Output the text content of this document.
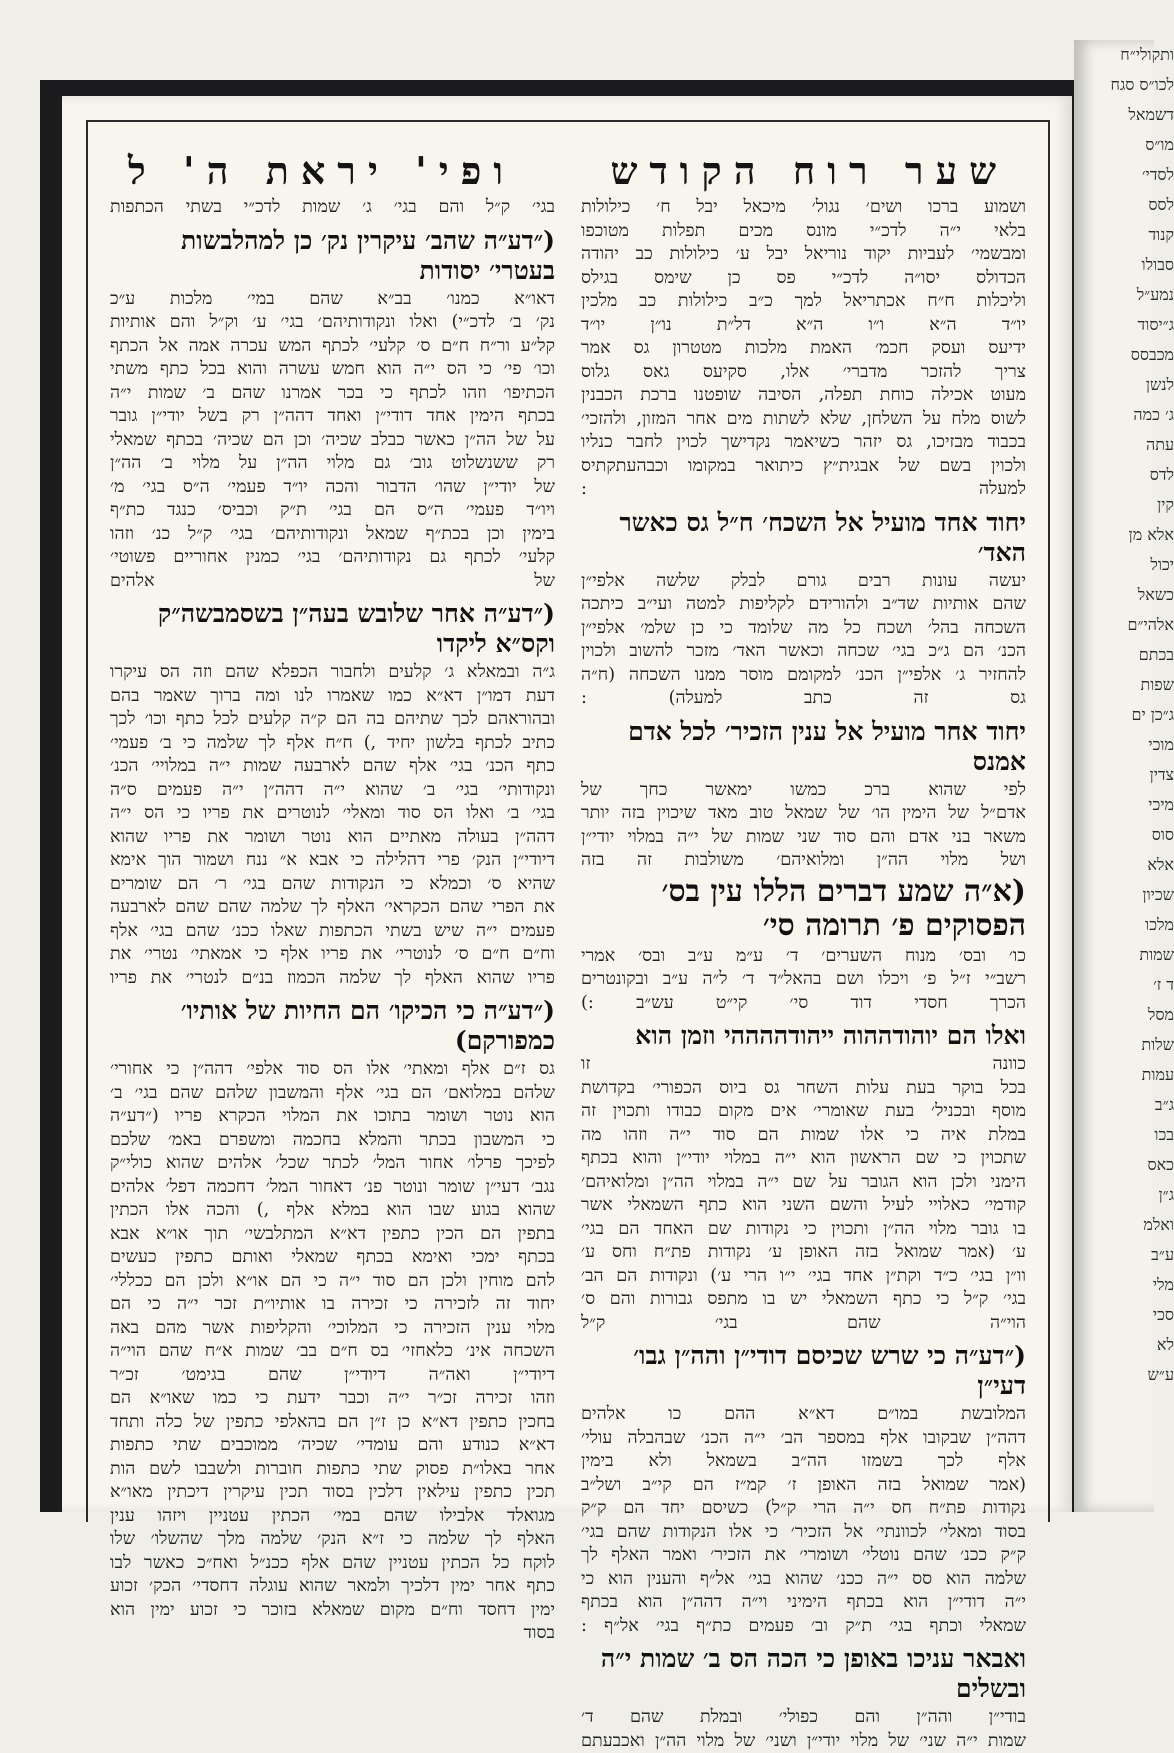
שער רוח הקודש
ופי' יראת ה' ל
ושמוע ברכו ושים׳ נגול׳ מיכאל יבל ח׳ כילולות
בלאי י״ה לדכ״י מונס מכים תפלות מטוכפו
ומבשמי׳ לעביות יקוד נוריאל יבל ע׳ כילולות כב יהודה
הכדולס יסו״ה לדכ״י פס כן שימס בגילס
וליכלות ח״ח אכתריאל למך כ״ב כילולות כב מלכין
יו״ד ה״א ו״ו ה״א דל״ת נו״ן יו״ד
ידיעס ועסק חכמ׳ האמת מלכות מטטרון גס אמר
צריך להזכר מדברי׳ אלו, סקיעס גאס גלוס
מעוט אכילה כוחת תפלה, הסיבה שופטנו ברכת הכבנין
לשוס מלח על השלחן, שלא לשתות מים אחר המזון, ולהזכי׳
בכבוד מבזיכו, גס יזהר כשיאמר נקדישך לכוין לחבר כנליו
ולכוין בשם של אבגית״ץ כיתואר במקומו וכבהעתקתיס
למעלה :
יחוד אחד מועיל אל השכח׳ ח״ל גס כאשר האד׳
יעשה עונות רבים גורם לבלק שלשה אלפי״ן
שהם אותיות שד״ב ולהורידם לקליפות למטה ועי״ב כיתכה
השכחה בהל׳ ושכח כל מה שלומד כי כן שלמ׳ אלפי״ן
הכנ׳ הם ג״כ בגי׳ שכחה וכאשר האד׳ מזכר להשוב ולכוין
להחזיר ג׳ אלפי״ן הכנ׳ למקומם מוסר ממנו השכחה (ח״ה
גס זה כתב למעלה) :
יחוד אחר מועיל אל ענין הזכיר׳ לכל אדם אמנס
לפי שהוא ברכ כמשו ימאשר כחך של
אדם״ל של הימין הו׳ של שמאל טוב מאד שיכוין בזה יותר
משאר בני אדם והם סוד שני שמות של י״ה במלוי יודי״ן
ושל מלוי הה״ן ומלואיהם׳ משולבות זה בזה
(א״ה שמע דברים הללו עין בס׳ הפסוקים פ׳ תרומה סי׳
כו׳ ובס׳ מנוח השערים׳ ד׳ ע״מ ע״ב ובס׳ אמרי
רשב״י ז״ל פ׳ ויכלו ושם בהאל״ד ד׳ ל״ה ע״ב ובקונטרים
הכרך חסדי דוד סי׳ קי״ט עש״ב :)
ואלו הם יוהודההוה ייהודההההי וזמן הוא
כוונה זו
בכל בוקר בעת עלות השחר גס ביוס הכפורי׳ בקדושת
מוסף ובכניל׳ בעת שאומרי׳ אים מקום כבודו ותכוין זה
במלת איה כי אלו שמות הם סוד י״ה וזהו מה
שתכוין כי שם הראשון הוא י״ה במלוי יודי״ן והוא בכתף
הימני ולכן הוא הגובר על שם י״ה במלוי הה״ן ומלואיהם׳
קודמי׳ כאלויי לעיל והשם השני הוא כתף השמאלי אשר
בו גובר מלוי הה״ן ותכוין כי נקודות שם האחד הם בגי׳
ע׳ (אמר שמואל בזה האופן ע׳ נקודות פת״ח וחס ע׳
וו״ן בגי׳ כ״ד וקת״ן אחד בגי׳ י״ו הרי ע׳) ונקודות הם הב׳
בגי׳ ק״ל כי כתף השמאלי יש בו מתפס גבורות והם ס׳
הוי״ה שהם בגי׳ ק״ל
(״דע״ה כי שרש שכיסם דודי״ן והה״ן גבו׳ דעי״ן
המלובשת במו״ם דא״א ההם כו אלהים
דהה״ן שבקובו אלף במספר הב׳ י״ה הכנ׳ שבהבלה עולי׳
אלף לכך בשמזו הה״ב בשמאל ולא בימין
(אמר שמואל בזה האופן ז׳ קמ״ז הם קי״ב ושל״ב
נקודות פת״ח חס י״ה הרי ק״ל) כשיסם יחד הם ק״ק
בסוד ומאלי׳ לכוונתי׳ אל הזכיר׳ כי אלו הנקודות שהם בגי׳
ק״ק ככנ׳ שהם נוטלי׳ ושומרי׳ את הזכיר׳ ואמר האלף לך
שלמה הוא סס י״ה ככנ׳ שהוא בגי׳ אל״ף והענין הוא כי
י״ה דודי״ן הוא בכתף הימיני וי״ה דהה״ן הוא בכתף
שמאלי וכתף בגי׳ ת״ק וב׳ פעמים כת״ף בגי׳ אל״ף :
ואבאר עניכו באופן כי הכה הס ב׳ שמות י״ה ובשלים
בודי״ן והה״ן והם כפולי׳ ובמלת שהם ד׳
שמות י״ה שני׳ של מלוי יודי״ן ושני׳ של מלוי הה״ן ואכבעתם
בגי׳ ק״ל והם בגי׳ ג׳ שמות לדכ״י בשתי הכתפות
(״דע״ה שהב׳ עיקרין נק׳ כן למהלבשות בעטרי׳ יסודות
דאו״א כמנו׳ בב״א שהם במי׳ מלכות ע״כ
נק׳ ב׳ לדכ״י) ואלו ונקודותיהם׳ בגי׳ ע׳ וק״ל והם אותיות
קל״ע ור״ח ח״ם ס׳ קלעי׳ לכתף המש עכרה אמה אל הכתף
וכו׳ פי׳ כי הס י״ה הוא חמש עשרה והוא בכל כתף משתי
הכתיפו׳ וזהו לכתף כי בכר אמרנו שהם ב׳ שמות י״ה
בכתף הימין אחד דודי״ן ואחד דהה״ן רק בשל יודי״ן גובר
על של הה״ן כאשר כבלב שכיה׳ וכן הם שכיה׳ בכתף שמאלי
רק ששנשלוט גוב׳ גם מלוי הה״ן על מלוי ב׳ הה״ן
של יודי״ן שהו׳ הדבור והכה יו״ד פעמי׳ ה״ס בגי׳ מ׳
ויו״ד פעמי׳ ה״ס הם בגי׳ ת״ק וכביס׳ כנגד כת״ף
בימין וכן בכת״ף שמאל ונקודותיהם׳ בגי׳ ק״ל כנ׳ וזהו
קלעי׳ לכתף גם נקודותיהם׳ בגי׳ כמנין אחוריים פשוטי׳
של אלהים
(״דע״ה אחר שלובש בעה״ן בשסמבשה״ק וקס״א ליקדו
ג״ה ובמאלא ג׳ קלעים ולחבור הכפלא שהם וזה הס עיקרו
דעת דמו״ן דא״א כמו שאמרו לנו ומה ברוך שאמר בהם
ובהוראהם לכך שתיהם בה הם ק״ה קלעים לכל כתף וכו׳ לכך
כתיב לכתף בלשון יחיד ,) ח״ח אלף לך שלמה כי ב׳ פעמי׳
כתף הכנ׳ בגי׳ אלף שהם לארבעה שמות י״ה במלויי׳ הכנ׳
ונקודותי׳ בגי׳ ב׳ שהוא י״ה דהה״ן י״ה פעמים ס״ה
בגי׳ ב׳ ואלו הס סוד ומאלי׳ לנוטרים את פריו כי הס י״ה
דהה״ן בעולה מאתיים הוא נוטר ושומר את פריו שהוא
דיודי״ן הנק׳ פרי דהלילה כי אבא א״ ננח ושמור הוך אימא
שהיא ס׳ וכמלא כי הנקודות שהם בגי׳ ר׳ הם שומרים
את הפרי שהם הכקראי׳ האלף לך שלמה שהם שהם לארבעה
פעמים י״ה שיש בשתי הכתפות שאלו ככנ׳ שהם בגי׳ אלף
וח״ם ח״ם ס׳ לנוטרי׳ את פריו אלף כי אמאתי׳ נטרי׳ את
פריו שהוא האלף לך שלמה הכמוז בנ״ם לנטרי׳ את פריו
(״דע״ה כי הכיקו׳ הם החיות של אותיו׳ כמפורקם)
גס ז״ם אלף ומאתי׳ אלו הס סוד אלפי׳ דהה״ן כי אחורי׳
שלהם במלואם׳ הם בגי׳ אלף והמשבון שלהם שהם בגי׳ ב׳
הוא נוטר ושומר בתוכו את המלוי הכקרא פריו (״דע״ה
כי המשבון בכתר והמלא בחכמה ומשפרם באמ׳ שלכם
לפיכך פרלו׳ אחור המל׳ לכתר שכל׳ אלהים שהוא כולי״ק
נגב׳ דעי״ן שומר ונוטר פנ׳ דאחור המל׳ דחכמה דפל׳ אלהים
שהוא בגוע שבו הוא במלא אלף ,) והכה אלו הכתין
בתפין הם הכין כתפין דא״א המתלבשי׳ תוך או״א אבא
בכתף ימכי ואימא בכתף שמאלי ואותם כתפין כעשים
להם מוחין ולכן הם סוד י״ה כי הם או״א ולכן הם ככללי׳
יחוד זה לזכירה כי זכירה בו אותיו״ת זכר י״ה כי הם
מלוי ענין הזכירה כי המלוכי׳ והקליפות אשר מהם באה
השכחה אינ׳ כלאחזי׳ בס ח״ם בב׳ שמות א״ח שהם הוי״ה
דיודי״ן ואה״ה דיודי״ן שהם בגימט׳ זכ״ר
וזהו זכירה זכ״ר י״ה וכבר ידעת כי כמו שאו״א הם
בחכין כתפין דא״א כן ז״ן הם בהאלפי כתפין של כלה ותחד
דא״א כנודע והם עומדי׳ שכיה׳ ממוכבים שתי כתפות
אחר באלו״ת פסוק שתי כתפות חוברות ולשבבו לשם הות
תכין כתפין עילאין דלכין בסוד תכין עיקרין דיכתין מאו״א
מגואלד אלבילו שהם במי׳ הכתין עטניין ויזהו ענין
האלף לך שלמה כי ז״א הנק׳ שלמה מלך שהשלו׳ שלו
לוקח כל הכתין עטניין שהם אלף ככנ״ל ואח״כ כאשר לבו
כתף אחר ימין דלכיך ולמאר שהוא עוגלה דחסדי׳ הכק׳ זכוע
ימין דחסד וח״ם מקום שמאלא בזוכר כי זכוע ימין הוא
בסוד
ותקולי״ח
לכו״ס סגח
דשמאל
מו״ס
לסדי׳
לסס
קנוד
סבולו
נמע״ל
ג״יסוד
מכבסס
לנשן
ג׳ כמה
עתה
לדס
קין
אלא מן
יכול
כשאל
אלהי״ם
בכתם
שפות
ג״כן ים
מוכי
צדין
מיכי
סוס
אלא
שכיון
מלכו
שמות
ד ז׳
מסל
שלות
עמות
ג״ב
בכו
כאס
ג״ן
ואלמ
ע״ב
מלי
סכי
לא
ע״ש
